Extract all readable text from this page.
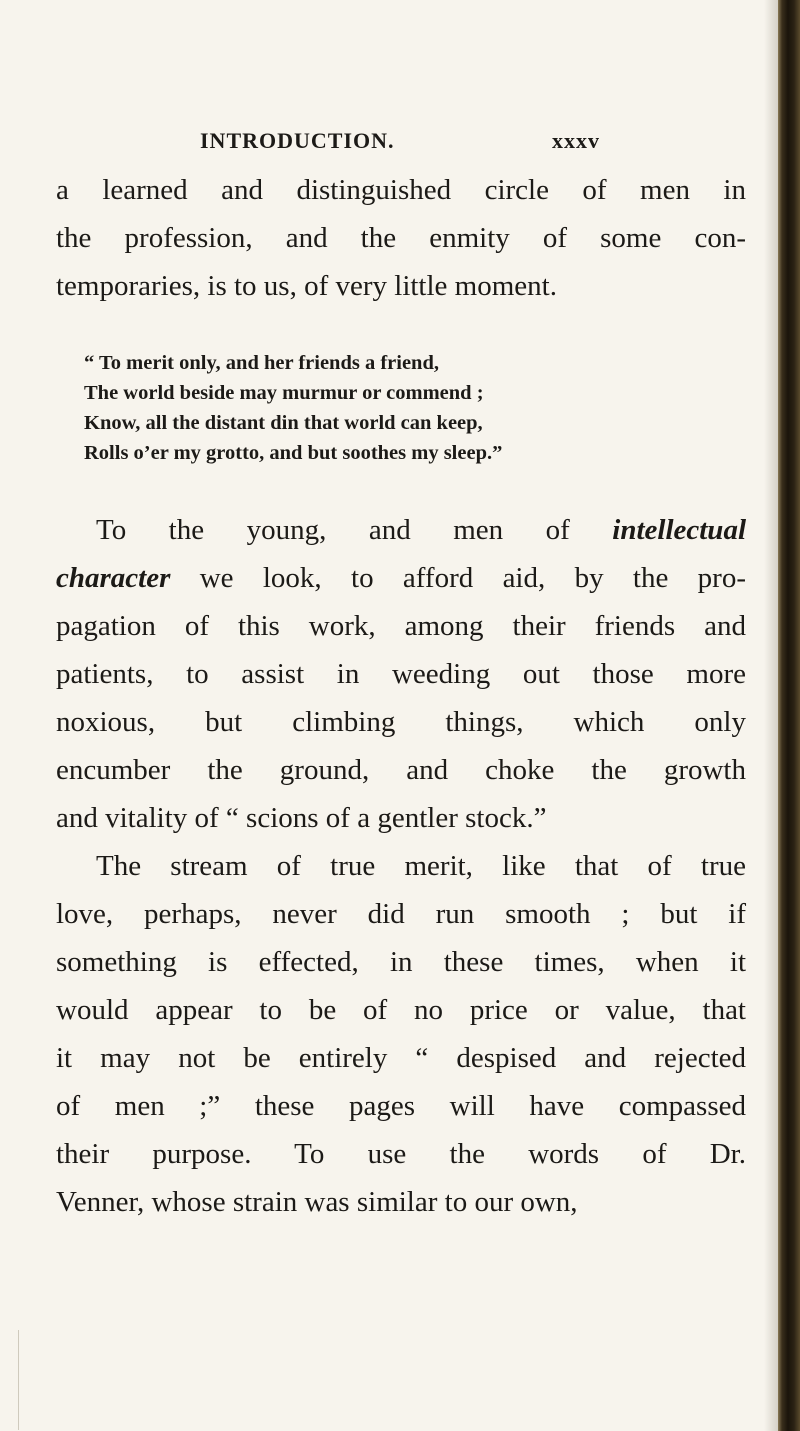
INTRODUCTION.	xxxv
a learned and distinguished circle of men in
the profession, and the enmity of some con-
temporaries, is to us, of very little moment.
“ To merit only, and her friends a friend,
The world beside may murmur or commend ;
Know, all the distant din that world can keep,
Rolls o’er my grotto, and but soothes my sleep.”
To the young, and men of intellectual
character we look, to afford aid, by the pro-
pagation of this work, among their friends and
patients, to assist in weeding out those more
noxious, but climbing things, which only
encumber the ground, and choke the growth
and vitality of “ scions of a gentler stock.”
The stream of true merit, like that of true
love, perhaps, never did run smooth ; but if
something is effected, in these times, when it
would appear to be of no price or value, that
it may not be entirely “ despised and rejected
of men ;” these pages will have compassed
their purpose. To use the words of Dr.
Venner, whose strain was similar to our own,
